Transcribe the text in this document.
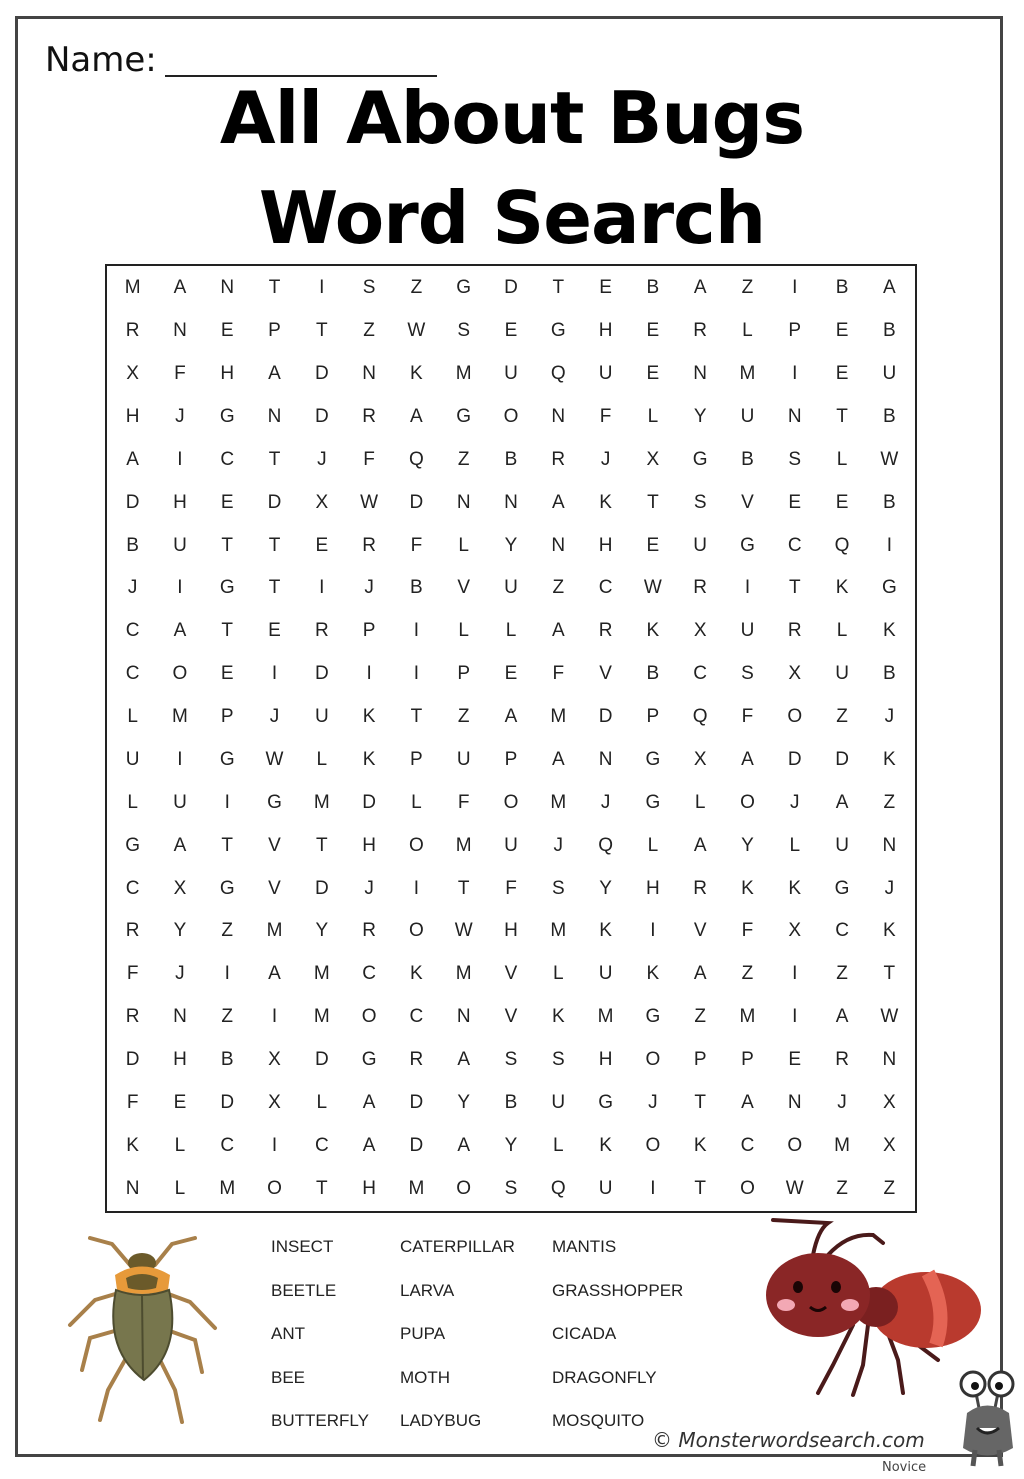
Name:
All About Bugs
Word Search
M	A	N	T	I	S	Z	G	D	T	E	B	A	Z	I	B	A
R	N	E	P	T	Z	W	S	E	G	H	E	R	L	P	E	B
X	F	H	A	D	N	K	M	U	Q	U	E	N	M	I	E	U
H	J	G	N	D	R	A	G	O	N	F	L	Y	U	N	T	B
A	I	C	T	J	F	Q	Z	B	R	J	X	G	B	S	L	W
D	H	E	D	X	W	D	N	N	A	K	T	S	V	E	E	B
B	U	T	T	E	R	F	L	Y	N	H	E	U	G	C	Q	I
J	I	G	T	I	J	B	V	U	Z	C	W	R	I	T	K	G
C	A	T	E	R	P	I	L	L	A	R	K	X	U	R	L	K
C	O	E	I	D	I	I	P	E	F	V	B	C	S	X	U	B
L	M	P	J	U	K	T	Z	A	M	D	P	Q	F	O	Z	J
U	I	G	W	L	K	P	U	P	A	N	G	X	A	D	D	K
L	U	I	G	M	D	L	F	O	M	J	G	L	O	J	A	Z
G	A	T	V	T	H	O	M	U	J	Q	L	A	Y	L	U	N
C	X	G	V	D	J	I	T	F	S	Y	H	R	K	K	G	J
R	Y	Z	M	Y	R	O	W	H	M	K	I	V	F	X	C	K
F	J	I	A	M	C	K	M	V	L	U	K	A	Z	I	Z	T
R	N	Z	I	M	O	C	N	V	K	M	G	Z	M	I	A	W
D	H	B	X	D	G	R	A	S	S	H	O	P	P	E	R	N
F	E	D	X	L	A	D	Y	B	U	G	J	T	A	N	J	X
K	L	C	I	C	A	D	A	Y	L	K	O	K	C	O	M	X
N	L	M	O	T	H	M	O	S	Q	U	I	T	O	W	Z	Z
INSECT
BEETLE
ANT
BEE
BUTTERFLY
CATERPILLAR
LARVA
PUPA
MOTH
LADYBUG
MANTIS
GRASSHOPPER
CICADA
DRAGONFLY
MOSQUITO
© Monsterwordsearch.com
Novice
